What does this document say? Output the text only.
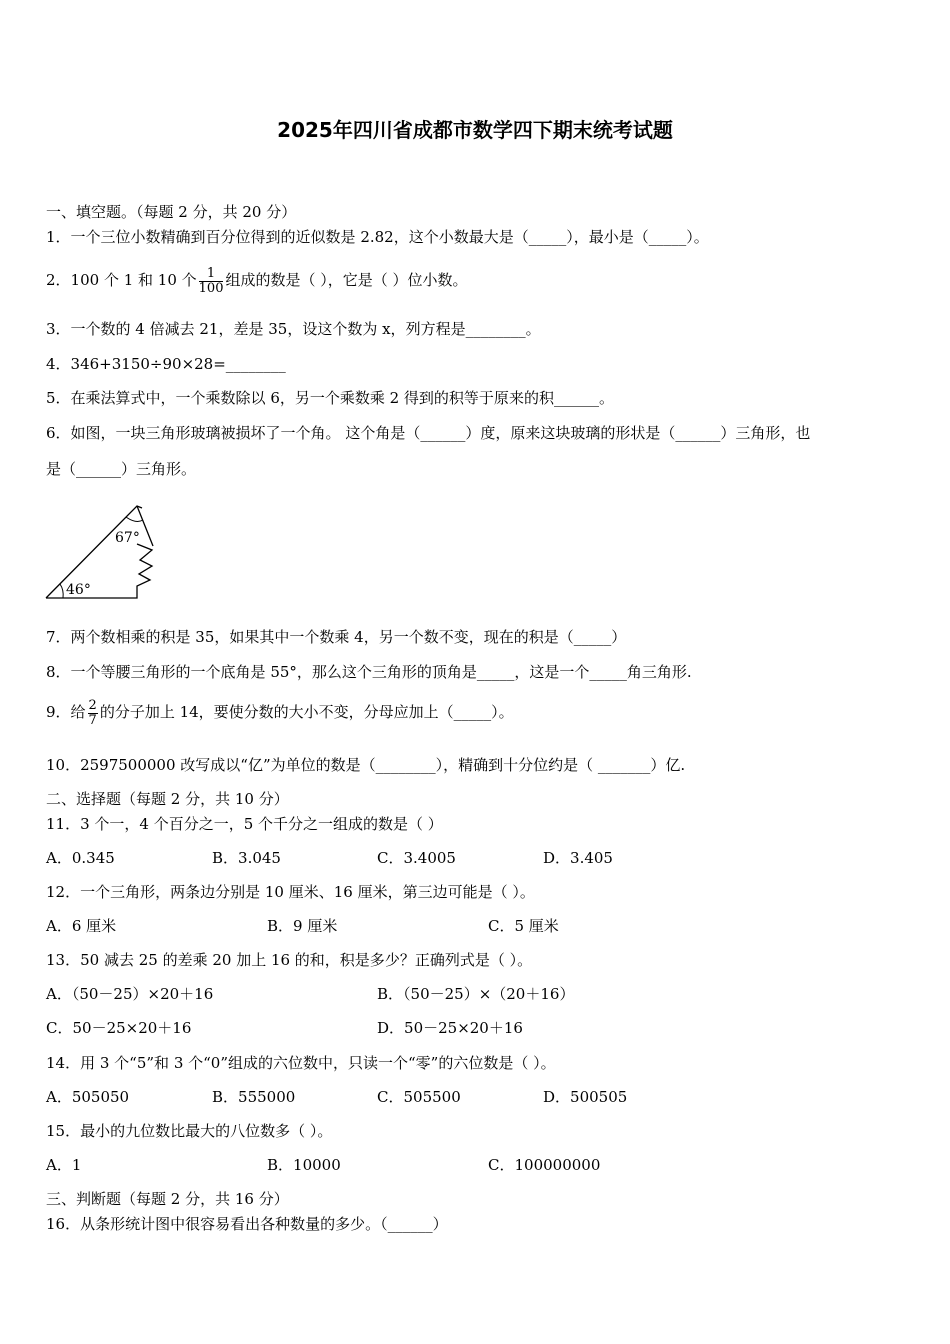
2025年四川省成都市数学四下期末统考试题
一、填空题。（每题 2 分，共 20 分）
1．一个三位小数精确到百分位得到的近似数是 2.82，这个小数最大是（_____），最小是（_____）。
2．100 个 1 和 10 个 $\frac{1}{100}$ 组成的数是（ ），它是（ ）位小数。
3．一个数的 4 倍减去 21，差是 35，设这个数为 x，列方程是________。
4．346+3150÷90×28=________
5．在乘法算式中，一个乘数除以 6，另一个乘数乘 2 得到的积等于原来的积______。
6．如图，一块三角形玻璃被损坏了一个角。 这个角是（______）度，原来这块玻璃的形状是（______）三角形，也
是（______）三角形。
67°
46°
7．两个数相乘的积是 35，如果其中一个数乘 4，另一个数不变，现在的积是（_____）
8．一个等腰三角形的一个底角是 55°，那么这个三角形的顶角是_____，这是一个_____角三角形.
9．给 $\frac{2}{7}$ 的分子加上 14，要使分数的大小不变，分母应加上（_____）。
10．2597500000 改写成以“亿”为单位的数是（________），精确到十分位约是（ _______）亿.
二、选择题（每题 2 分，共 10 分）
11．3 个一，4 个百分之一，5 个千分之一组成的数是（ ）
A．0.345	B．3.045	C．3.4005	D．3.405
12．一个三角形，两条边分别是 10 厘米、16 厘米，第三边可能是（ ）。
A．6 厘米	B．9 厘米	C．5 厘米
13．50 减去 25 的差乘 20 加上 16 的和，积是多少？正确列式是（ ）。
A．（50－25）×20＋16	B．（50－25）×（20＋16）
C．50－25×20＋16	D．50－25×20＋16
14．用 3 个“5”和 3 个“0”组成的六位数中，只读一个“零”的六位数是（ ）。
A．505050	B．555000	C．505500	D．500505
15．最小的九位数比最大的八位数多（ ）。
A．1	B．10000	C．100000000
三、判断题（每题 2 分，共 16 分）
16．从条形统计图中很容易看出各种数量的多少。（______）
